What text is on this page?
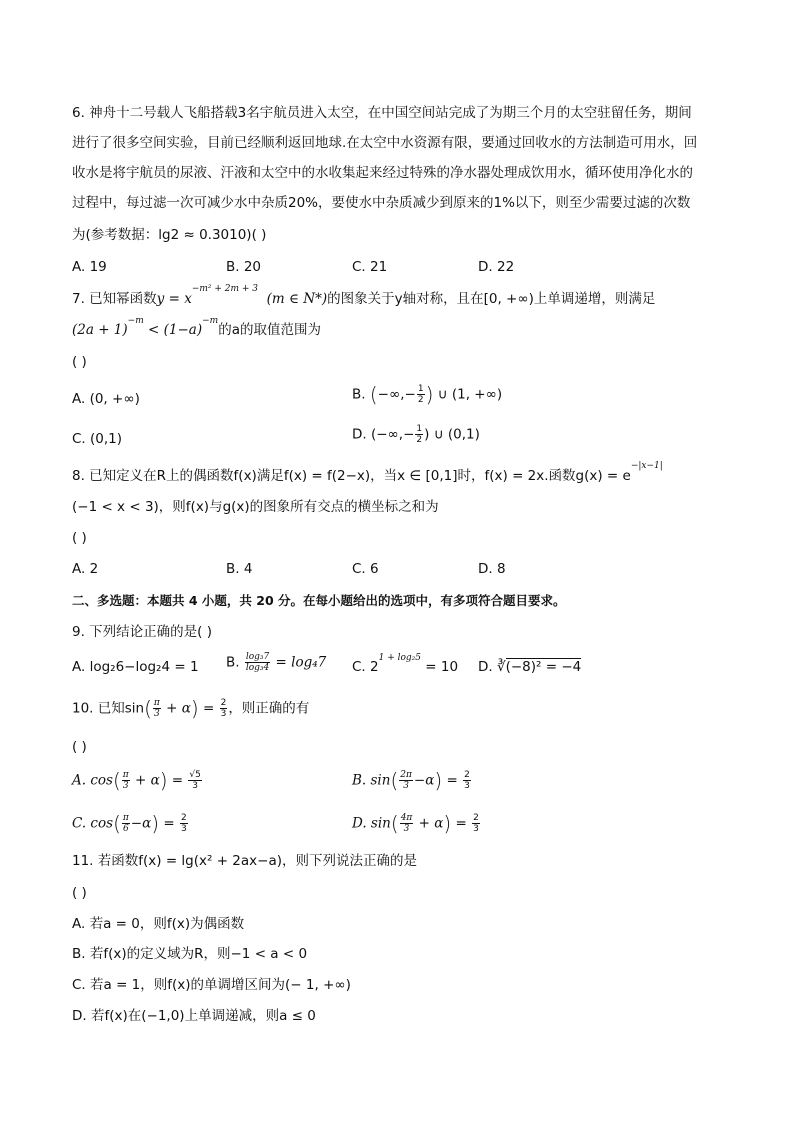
6. 神舟十二号载人飞船搭载3名宇航员进入太空，在中国空间站完成了为期三个月的太空驻留任务，期间
进行了很多空间实验，目前已经顺利返回地球.在太空中水资源有限，要通过回收水的方法制造可用水，回
收水是将宇航员的尿液、汗液和太空中的水收集起来经过特殊的净水器处理成饮用水，循环使用净化水的
过程中，每过滤一次可减少水中杂质20%，要使水中杂质减少到原来的1%以下，则至少需要过滤的次数
为(参考数据：lg2 ≈ 0.3010)( )
A. 19	B. 20	C. 21	D. 22
7. 已知幂函数$y = x^{-m^2 + 2m + 3}$  (m ∈ N*)的图象关于y轴对称，且在[0, +∞)上单调递增，则满足
$(2a + 1)^{-m} < (1-a)^{-m}$的a的取值范围为
( )
A. (0, +∞)	B. (−∞,− $\frac{1}{2}$ ) ∪ (1, +∞)
C. (0,1)	D. (−∞,− $\frac{1}{2}$ ) ∪ (0,1)
8. 已知定义在R上的偶函数f(x)满足f(x) = f(2−x)，当x ∈ [0,1]时，f(x) = 2x.函数$g(x) = e^{-|x-1|}$
(−1 < x < 3)，则f(x)与g(x)的图象所有交点的横坐标之和为
( )
A. 2	B. 4	C. 6	D. 8
二、多选题：本题共 4 小题，共 20 分。在每小题给出的选项中，有多项符合题目要求。
9. 下列结论正确的是( )
A. log₂6−log₂4 = 1 B. $\frac{\text{log₃7}}{\text{log₃4}} = \log_47$ C. $2^{1 + log_25} = 10$ D. ∛(−8)² = −4
10. 已知$\sin( \frac{\pi}{3} + \alpha) = \frac{2}{3}$ ，则正确的有
( )
A. $\cos( \frac{\pi}{3} + \alpha) = \frac{√5}{3}$	B. $\sin( \frac{2\pi}{3} -\alpha) = \frac{2}{3}$
C. $\cos( \frac{\pi}{6} -\alpha) = \frac{2}{3}$	D. $\sin( \frac{4\pi}{3} + \alpha) = \frac{2}{3}$
11. 若函数f(x) = lg(x² + 2ax−a)，则下列说法正确的是
( )
A. 若a = 0，则f(x)为偶函数
B. 若f(x)的定义域为R，则−1 < a < 0
C. 若a = 1，则f(x)的单调增区间为(− 1, +∞)
D. 若f(x)在(−1,0)上单调递减，则a ≤ 0
